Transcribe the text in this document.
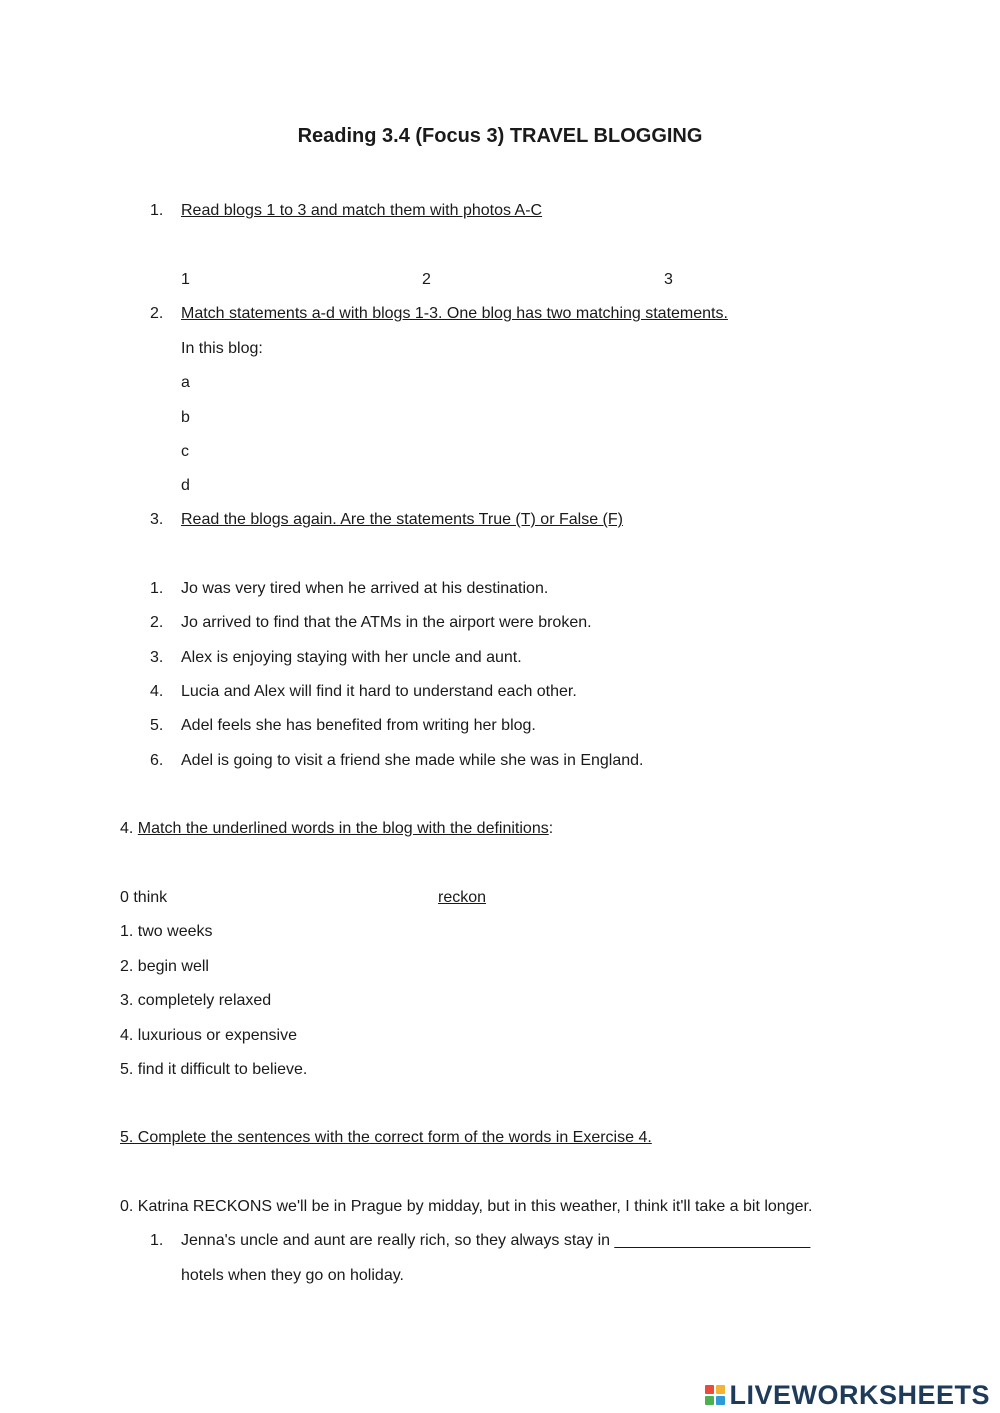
Reading 3.4 (Focus 3) TRAVEL BLOGGING
1.	Read blogs 1 to 3 and match them with photos A-C
1	2	3
2.	Match statements a-d with blogs 1-3. One blog has two matching statements.
In this blog:
a
b
c
d
3.	Read the blogs again. Are the statements True (T) or False (F)
1.	Jo was very tired when he arrived at his destination.
2.	Jo arrived to find that the ATMs in the airport were broken.
3.	Alex is enjoying staying with her uncle and aunt.
4.	Lucia and Alex will find it hard to understand each other.
5.	Adel feels she has benefited from writing her blog.
6.	Adel is going to visit a friend she made while she was in England.
4. Match the underlined words in the blog with the definitions:
0 think	reckon
1. two weeks
2. begin well
3. completely relaxed
4. luxurious or expensive
5. find it difficult to believe.
5. Complete the sentences with the correct form of the words in Exercise 4.
0. Katrina RECKONS we'll be in Prague by midday, but in this weather, I think it'll take a bit longer.
1.	Jenna's uncle and aunt are really rich, so they always stay in ______________________
hotels when they go on holiday.
LIVEWORKSHEETS
